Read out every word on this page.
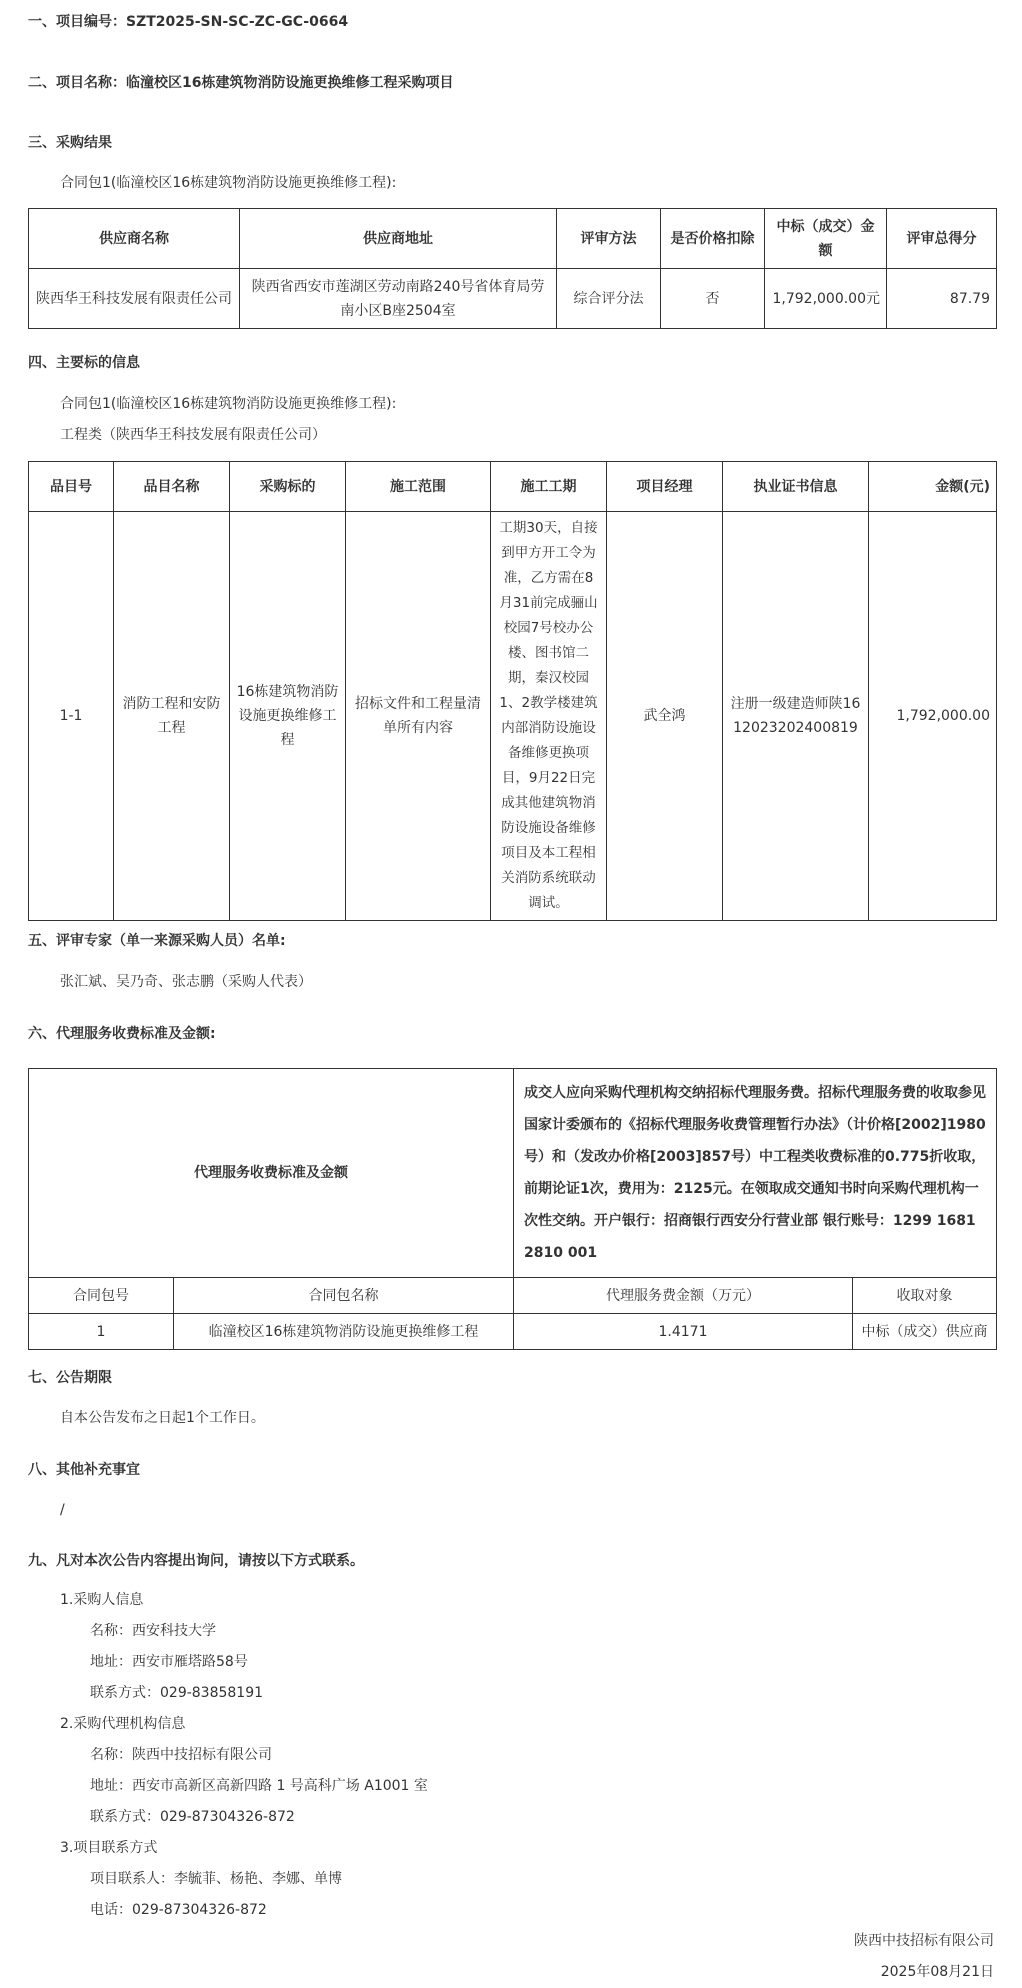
一、项目编号：SZT2025-SN-SC-ZC-GC-0664
二、项目名称：临潼校区16栋建筑物消防设施更换维修工程采购项目
三、采购结果
合同包1(临潼校区16栋建筑物消防设施更换维修工程):
供应商名称	供应商地址	评审方法	是否价格扣除	中标（成交）金额	评审总得分
陕西华王科技发展有限责任公司	陕西省西安市莲湖区劳动南路240号省体育局劳南小区B座2504室	综合评分法	否	1,792,000.00元	87.79
四、主要标的信息
合同包1(临潼校区16栋建筑物消防设施更换维修工程):
工程类（陕西华王科技发展有限责任公司）
品目号	品目名称	采购标的	施工范围	施工工期	项目经理	执业证书信息	金额(元)
1-1	消防工程和安防工程	16栋建筑物消防设施更换维修工程	招标文件和工程量清单所有内容	工期30天，自接到甲方开工令为准，乙方需在8月31前完成骊山校园7号校办公楼、图书馆二期，秦汉校园1、2教学楼建筑内部消防设施设备维修更换项目，9月22日完成其他建筑物消防设施设备维修项目及本工程相关消防系统联动调试。	武全鸿	注册一级建造师陕1612023202400819	1,792,000.00
五、评审专家（单一来源采购人员）名单:
张汇斌、吴乃奇、张志鹏（采购人代表）
六、代理服务收费标准及金额:
代理服务收费标准及金额		成交人应向采购代理机构交纳招标代理服务费。招标代理服务费的收取参见国家计委颁布的《招标代理服务收费管理暂行办法》（计价格[2002]1980号）和（发改办价格[2003]857号）中工程类收费标准的0.775折收取，前期论证1次，费用为：2125元。在领取成交通知书时向采购代理机构一次性交纳。开户银行：招商银行西安分行营业部 银行账号：1299 1681 2810 001	
合同包号	合同包名称	代理服务费金额（万元）	收取对象
1	临潼校区16栋建筑物消防设施更换维修工程	1.4171	中标（成交）供应商
七、公告期限
自本公告发布之日起1个工作日。
八、其他补充事宜
/
九、凡对本次公告内容提出询问，请按以下方式联系。
1.采购人信息
名称：西安科技大学
地址：西安市雁塔路58号
联系方式：029-83858191
2.采购代理机构信息
名称：陕西中技招标有限公司
地址：西安市高新区高新四路 1 号高科广场 A1001 室
联系方式：029-87304326-872
3.项目联系方式
项目联系人：李毓菲、杨艳、李娜、单博
电话：029-87304326-872
陕西中技招标有限公司
2025年08月21日
